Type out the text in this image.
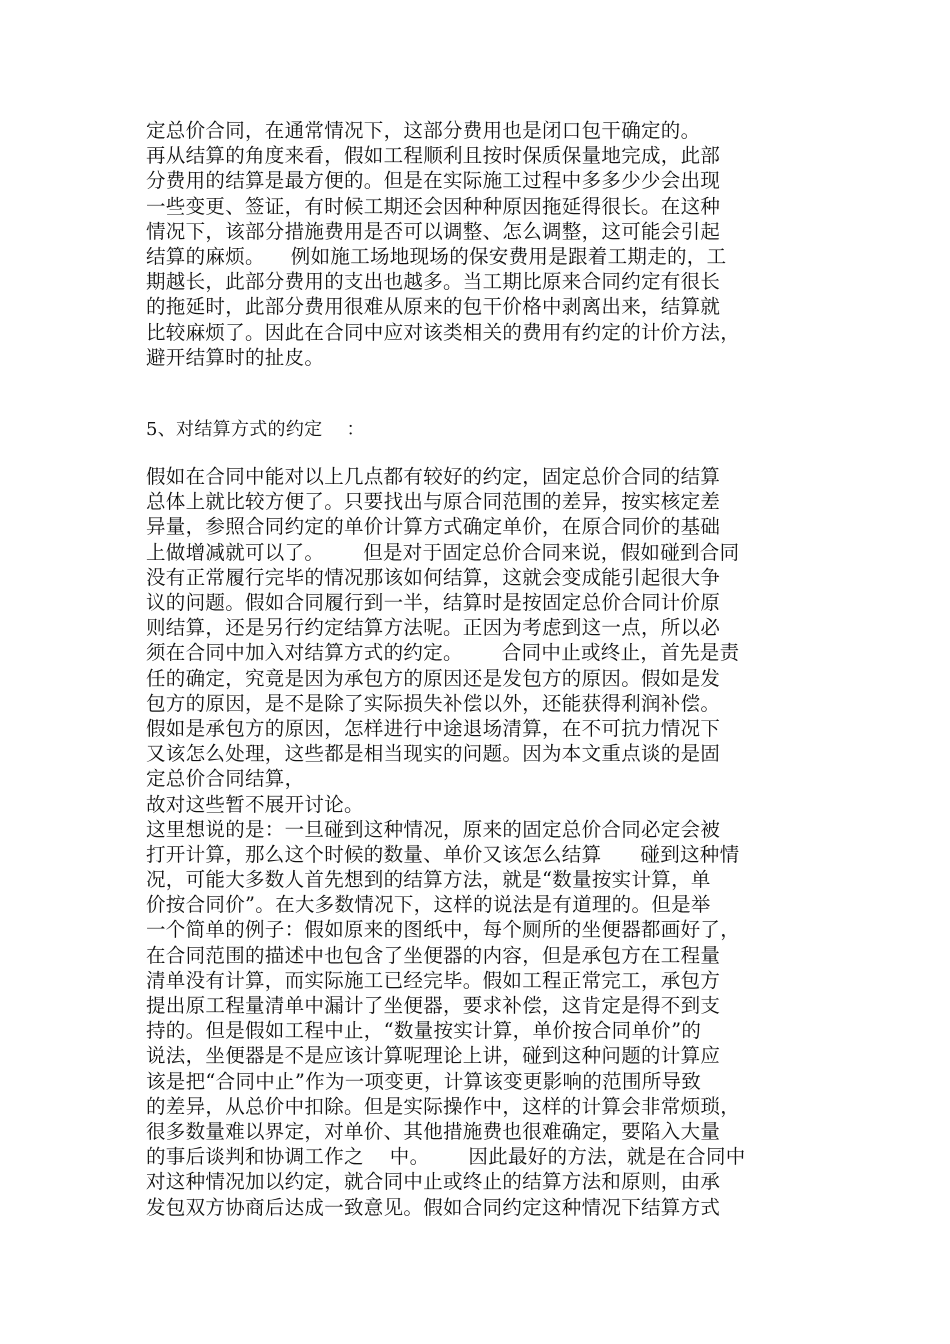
定总价合同，在通常情况下，这部分费用也是闭口包干确定的。
再从结算的角度来看，假如工程顺利且按时保质保量地完成，此部
分费用的结算是最方便的。但是在实际施工过程中多多少少会出现
一些变更、签证，有时候工期还会因种种原因拖延得很长。在这种
情况下，该部分措施费用是否可以调整、怎么调整，这可能会引起
结算的麻烦。    例如施工场地现场的保安费用是跟着工期走的，工
期越长，此部分费用的支出也越多。当工期比原来合同约定有很长
的拖延时，此部分费用很难从原来的包干价格中剥离出来，结算就
比较麻烦了。因此在合同中应对该类相关的费用有约定的计价方法，
避开结算时的扯皮。
5、对结算方式的约定    ：
假如在合同中能对以上几点都有较好的约定，固定总价合同的结算
总体上就比较方便了。只要找出与原合同范围的差异，按实核定差
异量，参照合同约定的单价计算方式确定单价，在原合同价的基础
上做增减就可以了。      但是对于固定总价合同来说，假如碰到合同
没有正常履行完毕的情况那该如何结算，这就会变成能引起很大争
议的问题。假如合同履行到一半，结算时是按固定总价合同计价原
则结算，还是另行约定结算方法呢。正因为考虑到这一点，所以必
须在合同中加入对结算方式的约定。      合同中止或终止，首先是责
任的确定，究竟是因为承包方的原因还是发包方的原因。假如是发
包方的原因，是不是除了实际损失补偿以外，还能获得利润补偿。
假如是承包方的原因，怎样进行中途退场清算，在不可抗力情况下
又该怎么处理，这些都是相当现实的问题。因为本文重点谈的是固
定总价合同结算，
故对这些暂不展开讨论。
这里想说的是：一旦碰到这种情况，原来的固定总价合同必定会被
打开计算，那么这个时候的数量、单价又该怎么结算      碰到这种情
况，可能大多数人首先想到的结算方法，就是“数量按实计算，单
价按合同价”。在大多数情况下，这样的说法是有道理的。但是举
一个简单的例子：假如原来的图纸中，每个厕所的坐便器都画好了，
在合同范围的描述中也包含了坐便器的内容，但是承包方在工程量
清单没有计算，而实际施工已经完毕。假如工程正常完工，承包方
提出原工程量清单中漏计了坐便器，要求补偿，这肯定是得不到支
持的。但是假如工程中止，“数量按实计算，单价按合同单价”的
说法，坐便器是不是应该计算呢理论上讲，碰到这种问题的计算应
该是把“合同中止”作为一项变更，计算该变更影响的范围所导致
的差异，从总价中扣除。但是实际操作中，这样的计算会非常烦琐，
很多数量难以界定，对单价、其他措施费也很难确定，要陷入大量
的事后谈判和协调工作之    中。      因此最好的方法，就是在合同中
对这种情况加以约定，就合同中止或终止的结算方法和原则，由承
发包双方协商后达成一致意见。假如合同约定这种情况下结算方式
